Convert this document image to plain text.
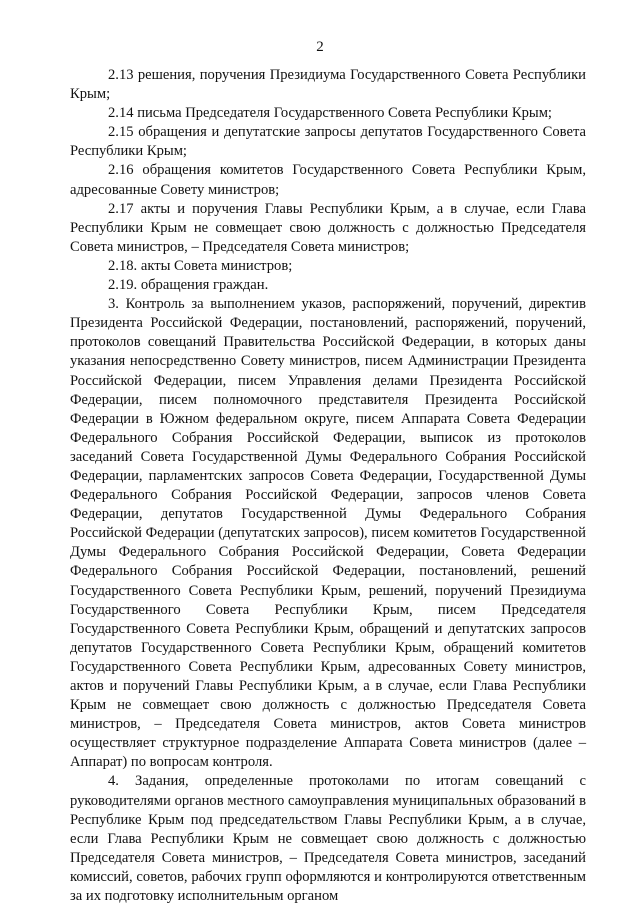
2

2.13 решения, поручения Президиума Государственного Совета Республики Крым;

2.14 письма Председателя Государственного Совета Республики Крым;

2.15 обращения и депутатские запросы депутатов Государственного Совета Республики Крым;

2.16 обращения комитетов Государственного Совета Республики Крым, адресованные Совету министров;

2.17 акты и поручения Главы Республики Крым, а в случае, если Глава Республики Крым не совмещает свою должность с должностью Председателя Совета министров, – Председателя Совета министров;

2.18. акты Совета министров;

2.19. обращения граждан.

3. Контроль за выполнением указов, распоряжений, поручений, директив Президента Российской Федерации, постановлений, распоряжений, поручений, протоколов совещаний Правительства Российской Федерации, в которых даны указания непосредственно Совету министров, писем Администрации Президента Российской Федерации, писем Управления делами Президента Российской Федерации, писем полномочного представителя Президента Российской Федерации в Южном федеральном округе, писем Аппарата Совета Федерации Федерального Собрания Российской Федерации, выписок из протоколов заседаний Совета Государственной Думы Федерального Собрания Российской Федерации, парламентских запросов Совета Федерации, Государственной Думы Федерального Собрания Российской Федерации, запросов членов Совета Федерации, депутатов Государственной Думы Федерального Собрания Российской Федерации (депутатских запросов), писем комитетов Государственной Думы Федерального Собрания Российской Федерации, Совета Федерации Федерального Собрания Российской Федерации, постановлений, решений Государственного Совета Республики Крым, решений, поручений Президиума Государственного Совета Республики Крым, писем Председателя Государственного Совета Республики Крым, обращений и депутатских запросов депутатов Государственного Совета Республики Крым, обращений комитетов Государственного Совета Республики Крым, адресованных Совету министров, актов и поручений Главы Республики Крым, а в случае, если Глава Республики Крым не совмещает свою должность с должностью Председателя Совета министров, – Председателя Совета министров, актов Совета министров осуществляет структурное подразделение Аппарата Совета министров (далее – Аппарат) по вопросам контроля.

4. Задания, определенные протоколами по итогам совещаний с руководителями органов местного самоуправления муниципальных образований в Республике Крым под председательством Главы Республики Крым, а в случае, если Глава Республики Крым не совмещает свою должность с должностью Председателя Совета министров, – Председателя Совета министров, заседаний комиссий, советов, рабочих групп оформляются и контролируются ответственным за их подготовку исполнительным органом
